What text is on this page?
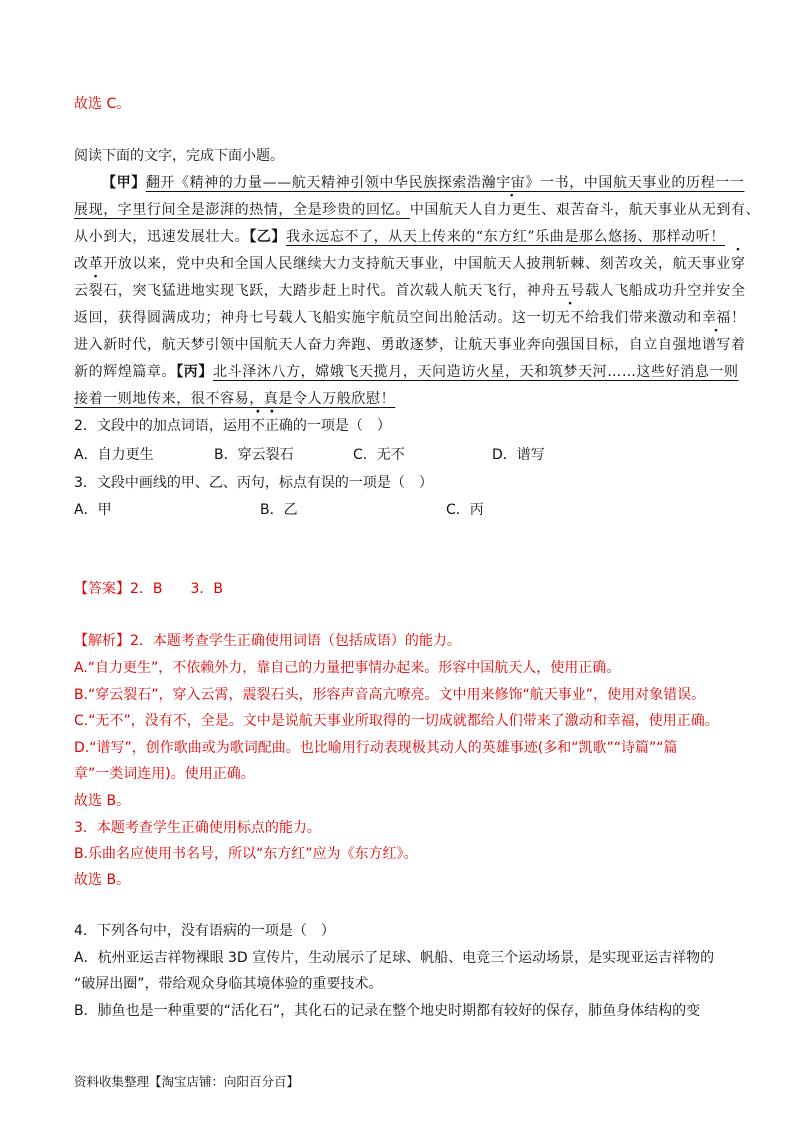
故选 C。
阅读下面的文字，完成下面小题。
【甲】翻开《精神的力量——航天精神引领中华民族探索浩瀚宇宙》一书，中国航天事业的历程一一
展现，字里行间全是澎湃的热情，全是珍贵的回忆。中国航天人自力更生、艰苦奋斗，航天事业从无到有、
从小到大，迅速发展壮大。【乙】我永远忘不了，从天上传来的“东方红”乐曲是那么悠扬、那样动听！
改革开放以来，党中央和全国人民继续大力支持航天事业，中国航天人披荆斩棘、刻苦攻关，航天事业穿
云裂石，突飞猛进地实现飞跃，大踏步赶上时代。首次载人航天飞行，神舟五号载人飞船成功升空并安全
返回，获得圆满成功；神舟七号载人飞船实施宇航员空间出舱活动。这一切无不给我们带来激动和幸福！
进入新时代，航天梦引领中国航天人奋力奔跑、勇敢逐梦，让航天事业奔向强国目标，自立自强地谱写着
新的辉煌篇章。【丙】北斗泽沐八方，嫦娥飞天揽月，天问造访火星，天和筑梦天河……这些好消息一则
接着一则地传来，很不容易，真是令人万般欣慰！
2．文段中的加点词语，运用不正确的一项是（　）
A．自力更生	B．穿云裂石	C．无不	D．谱写
3．文段中画线的甲、乙、丙句，标点有误的一项是（　）
A．甲	B．乙	C．丙
【答案】2．B　　3．B
【解析】2．本题考查学生正确使用词语（包括成语）的能力。
A.“自力更生”，不依赖外力，靠自己的力量把事情办起来。形容中国航天人，使用正确。
B.“穿云裂石”，穿入云霄，震裂石头，形容声音高亢嘹亮。文中用来修饰“航天事业”，使用对象错误。
C.“无不”，没有不，全是。文中是说航天事业所取得的一切成就都给人们带来了激动和幸福，使用正确。
D.“谱写”，创作歌曲或为歌词配曲。也比喻用行动表现极其动人的英雄事迹(多和“凯歌”“诗篇”“篇
章”一类词连用)。使用正确。
故选 B。
3．本题考查学生正确使用标点的能力。
B.乐曲名应使用书名号，所以“东方红”应为《东方红》。
故选 B。
4．下列各句中，没有语病的一项是（　）
A．杭州亚运吉祥物裸眼 3D 宣传片，生动展示了足球、帆船、电竞三个运动场景，是实现亚运吉祥物的
“破屏出圈”，带给观众身临其境体验的重要技术。
B．肺鱼也是一种重要的“活化石”，其化石的记录在整个地史时期都有较好的保存，肺鱼身体结构的变
资料收集整理【淘宝店铺：向阳百分百】
